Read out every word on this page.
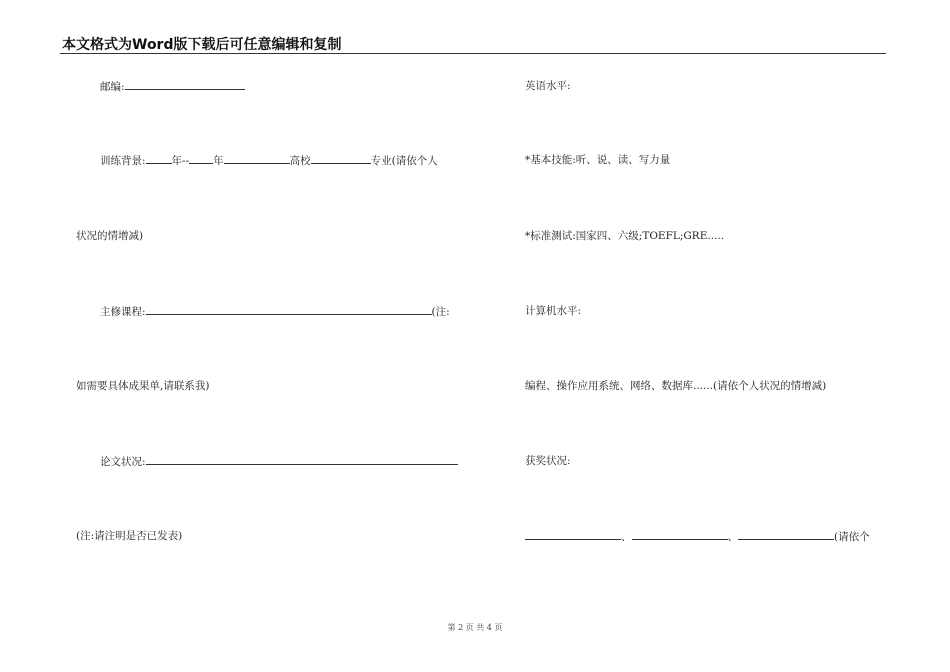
本文格式为Word版下载后可任意编辑和复制
邮编:
训练背景: 年-- 年	高校	专业(请依个人
状况的情增减)
主修课程:	(注:
如需要具体成果单,请联系我)
论文状况:
(注:请注明是否已发表)
英语水平:
*基本技能:听、说、读、写力量
*标准测试:国家四、六级;TOEFL;GRE.....
计算机水平:
编程、操作应用系统、网络、数据库......(请依个人状况的情增减)
获奖状况:
、	、	(请依个
第 2 页 共 4 页
